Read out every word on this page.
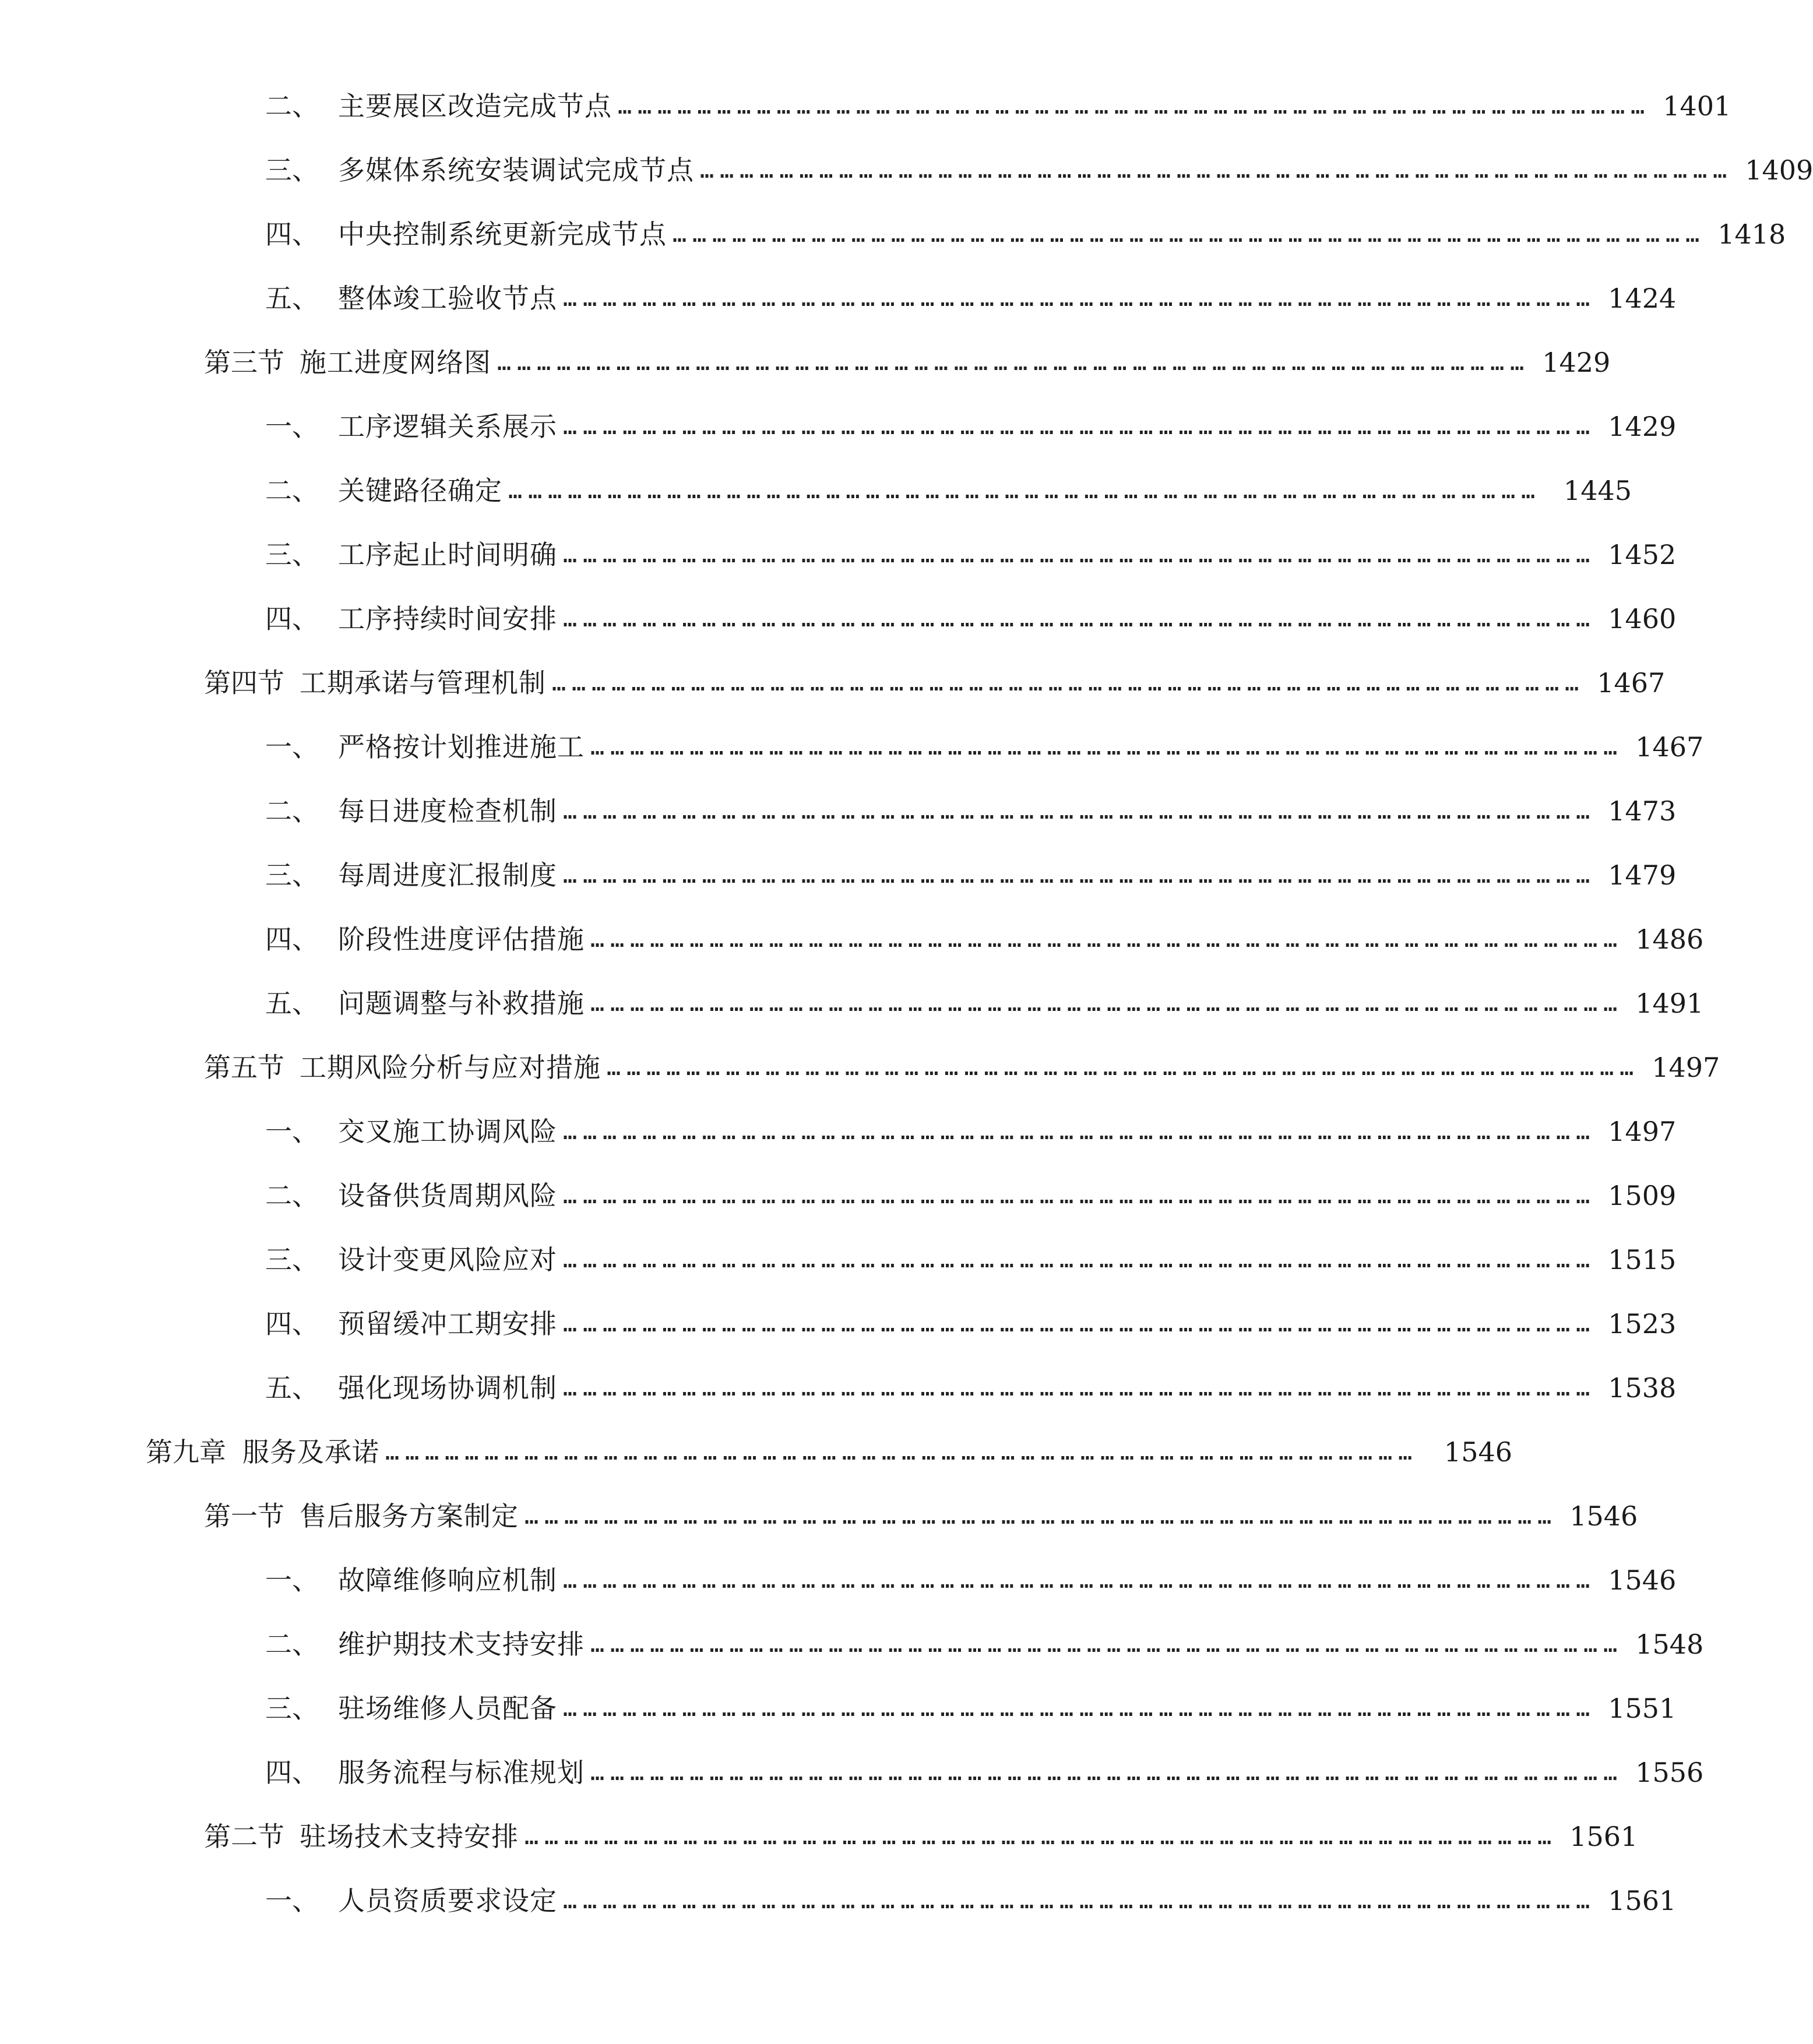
二、 主要展区改造完成节点 ………………………………………………………………………………………………………………………………………… 1401
三、 多媒体系统安装调试完成节点 ………………………………………………………………………………………………………………………………………… 1409
四、 中央控制系统更新完成节点 ………………………………………………………………………………………………………………………………………… 1418
五、 整体竣工验收节点 ………………………………………………………………………………………………………………………………………… 1424
第三节 施工进度网络图 ………………………………………………………………………………………………………………………………………… 1429
一、 工序逻辑关系展示 ………………………………………………………………………………………………………………………………………… 1429
二、 关键路径确定 ………………………………………………………………………………………………………………………………………… 1445
三、 工序起止时间明确 ………………………………………………………………………………………………………………………………………… 1452
四、 工序持续时间安排 ………………………………………………………………………………………………………………………………………… 1460
第四节 工期承诺与管理机制 ………………………………………………………………………………………………………………………………………… 1467
一、 严格按计划推进施工 ………………………………………………………………………………………………………………………………………… 1467
二、 每日进度检查机制 ………………………………………………………………………………………………………………………………………… 1473
三、 每周进度汇报制度 ………………………………………………………………………………………………………………………………………… 1479
四、 阶段性进度评估措施 ………………………………………………………………………………………………………………………………………… 1486
五、 问题调整与补救措施 ………………………………………………………………………………………………………………………………………… 1491
第五节 工期风险分析与应对措施 ………………………………………………………………………………………………………………………………………… 1497
一、 交叉施工协调风险 ………………………………………………………………………………………………………………………………………… 1497
二、 设备供货周期风险 ………………………………………………………………………………………………………………………………………… 1509
三、 设计变更风险应对 ………………………………………………………………………………………………………………………………………… 1515
四、 预留缓冲工期安排 ………………………………………………………………………………………………………………………………………… 1523
五、 强化现场协调机制 ………………………………………………………………………………………………………………………………………… 1538
第九章 服务及承诺 ………………………………………………………………………………………………………………………………………… 1546
第一节 售后服务方案制定 ………………………………………………………………………………………………………………………………………… 1546
一、 故障维修响应机制 ………………………………………………………………………………………………………………………………………… 1546
二、 维护期技术支持安排 ………………………………………………………………………………………………………………………………………… 1548
三、 驻场维修人员配备 ………………………………………………………………………………………………………………………………………… 1551
四、 服务流程与标准规划 ………………………………………………………………………………………………………………………………………… 1556
第二节 驻场技术支持安排 ………………………………………………………………………………………………………………………………………… 1561
一、 人员资质要求设定 ………………………………………………………………………………………………………………………………………… 1561
